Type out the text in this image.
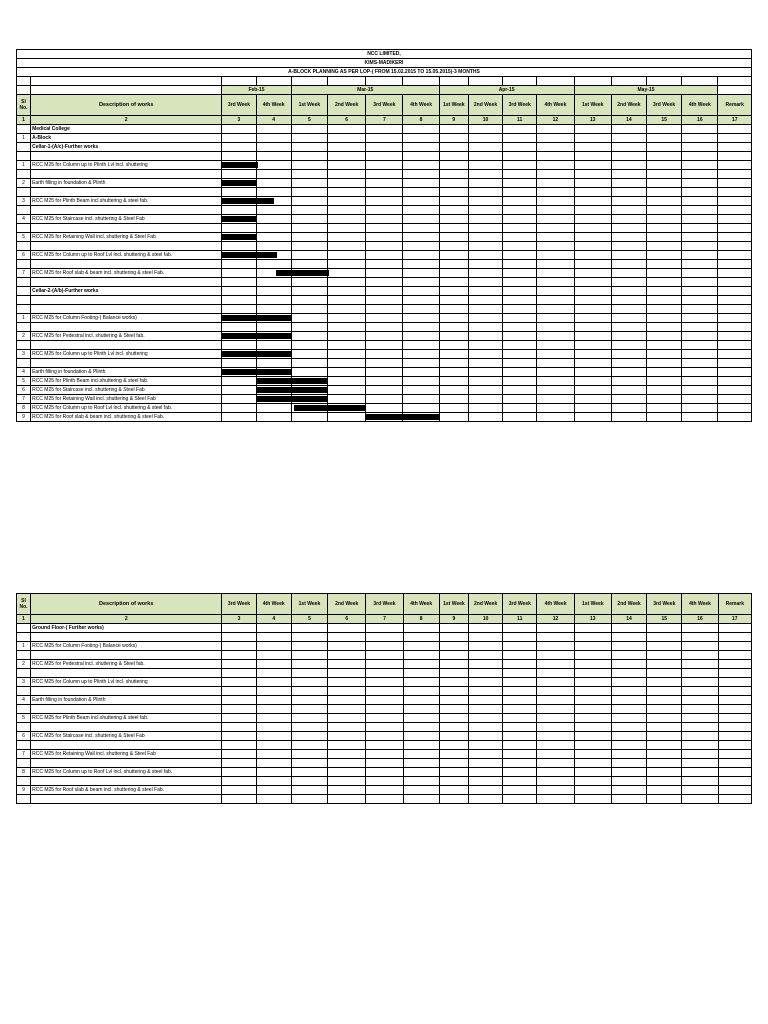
NCC LIMITED,																
KIMS-MADIKERI																
A-BLOCK PLANNING AS PER LOP-( FROM 15.02.2015 TO 15.05.2015)-3 MONTHS																

		Feb-15		Mar-15				Apr-15				May-15				
Sl No.	Description of works	3rd Week	4th Week	1st Week	2nd Week	3rd Week	4th Week	1st Week	2nd Week	3rd Week	4th Week	1st Week	2nd Week	3rd Week	4th Week	Remark
1	2	3	4	5	6	7	8	9	10	11	12	13	14	15	16	17
	Medical College															
1	A-Block															
	Cellar-1-(A/c)-Further works															

1	RCC M25 for Column up to Plinth Lvl incl. shuttering	

2	Earth filling in foundation & Plinth	

3	RCC M25 for Plinth Beam incl.shuttering & steel fab.	

4	RCC M25 for Staircase incl. shuttering & Steel Fab	

5	RCC M25 for Retaining Wall incl. shuttering & Steel Fab	

6	RCC M25 for Column up to Roof Lvl incl. shuttering & steel fab.	

7	RCC M25 for Roof slab & beam incl. shuttering & steel Fab.		

	Cellar-2-(A/b)-Further works															

1	RCC M25 for Column Footing-( Balance works)	

2	RCC M25 for Pedestral incl. shuttering & Steel fab.	

3	RCC M25 for Column up to Plinth Lvl incl. shuttering	

4	Earth filling in foundation & Plinth	

5	RCC M25 for Plinth Beam incl.shuttering & steel fab.		

6	RCC M25 for Staircase incl. shuttering & Steel Fab		

7	RCC M25 for Retaining Wall incl. shuttering & Steel Fab		

8	RCC M25 for Column up to Roof Lvl incl. shuttering & steel fab.			

9	RCC M25 for Roof slab & beam incl. shuttering & steel Fab.					

Sl No.	Description of works	3rd Week	4th Week	1st Week	2nd Week	3rd Week	4th Week	1st Week	2nd Week	3rd Week	4th Week	1st Week	2nd Week	3rd Week	4th Week	Remark
1	2	3	4	5	6	7	8	9	10	11	12	13	14	15	16	17
	Ground Floor-( Further works)															

1	RCC M25 for Column Footing-( Balance works)															

2	RCC M25 for Pedestral incl. shuttering & Steel fab.															

3	RCC M25 for Column up to Plinth Lvl incl. shuttering															

4	Earth filling in foundation & Plinth															

5	RCC M25 for Plinth Beam incl.shuttering & steel fab.															

6	RCC M25 for Staircase incl. shuttering & Steel Fab															

7	RCC M25 for Retaining Wall incl. shuttering & Steel Fab															

8	RCC M25 for Column up to Roof Lvl incl. shuttering & steel fab.															

9	RCC M25 for Roof slab & beam incl. shuttering & steel Fab.															
